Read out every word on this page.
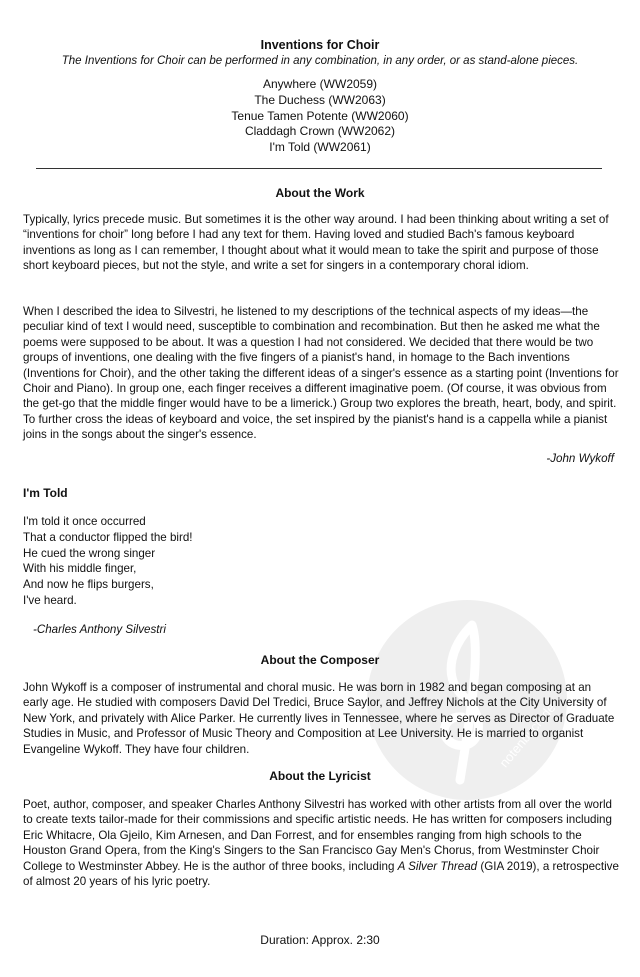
notenbuch.de
Inventions for Choir
The Inventions for Choir can be performed in any combination, in any order, or as stand-alone pieces.
Anywhere (WW2059)
The Duchess (WW2063)
Tenue Tamen Potente (WW2060)
Claddagh Crown (WW2062)
I'm Told (WW2061)
About the Work
Typically, lyrics precede music. But sometimes it is the other way around. I had been thinking about writing a set of “inventions for choir” long before I had any text for them. Having loved and studied Bach's famous keyboard inventions as long as I can remember, I thought about what it would mean to take the spirit and purpose of those short keyboard pieces, but not the style, and write a set for singers in a contemporary choral idiom.
When I described the idea to Silvestri, he listened to my descriptions of the technical aspects of my ideas—the peculiar kind of text I would need, susceptible to combination and recombination. But then he asked me what the poems were supposed to be about. It was a question I had not considered. We decided that there would be two groups of inventions, one dealing with the five fingers of a pianist's hand, in homage to the Bach inventions (Inventions for Choir), and the other taking the different ideas of a singer's essence as a starting point (Inventions for Choir and Piano). In group one, each finger receives a different imaginative poem. (Of course, it was obvious from the get-go that the middle finger would have to be a limerick.) Group two explores the breath, heart, body, and spirit. To further cross the ideas of keyboard and voice, the set inspired by the pianist's hand is a cappella while a pianist joins in the songs about the singer's essence.
-John Wykoff
I'm Told
I'm told it once occurred
That a conductor flipped the bird!
He cued the wrong singer
With his middle finger,
And now he flips burgers,
I've heard.
-Charles Anthony Silvestri
About the Composer
John Wykoff is a composer of instrumental and choral music. He was born in 1982 and began composing at an early age. He studied with composers David Del Tredici, Bruce Saylor, and Jeffrey Nichols at the City University of New York, and privately with Alice Parker. He currently lives in Tennessee, where he serves as Director of Graduate Studies in Music, and Professor of Music Theory and Composition at Lee University. He is married to organist Evangeline Wykoff. They have four children.
About the Lyricist
Poet, author, composer, and speaker Charles Anthony Silvestri has worked with other artists from all over the world to create texts tailor-made for their commissions and specific artistic needs. He has written for composers including Eric Whitacre, Ola Gjeilo, Kim Arnesen, and Dan Forrest, and for ensembles ranging from high schools to the Houston Grand Opera, from the King's Singers to the San Francisco Gay Men's Chorus, from Westminster Choir College to Westminster Abbey. He is the author of three books, including A Silver Thread (GIA 2019), a retrospective of almost 20 years of his lyric poetry.
Duration: Approx. 2:30
